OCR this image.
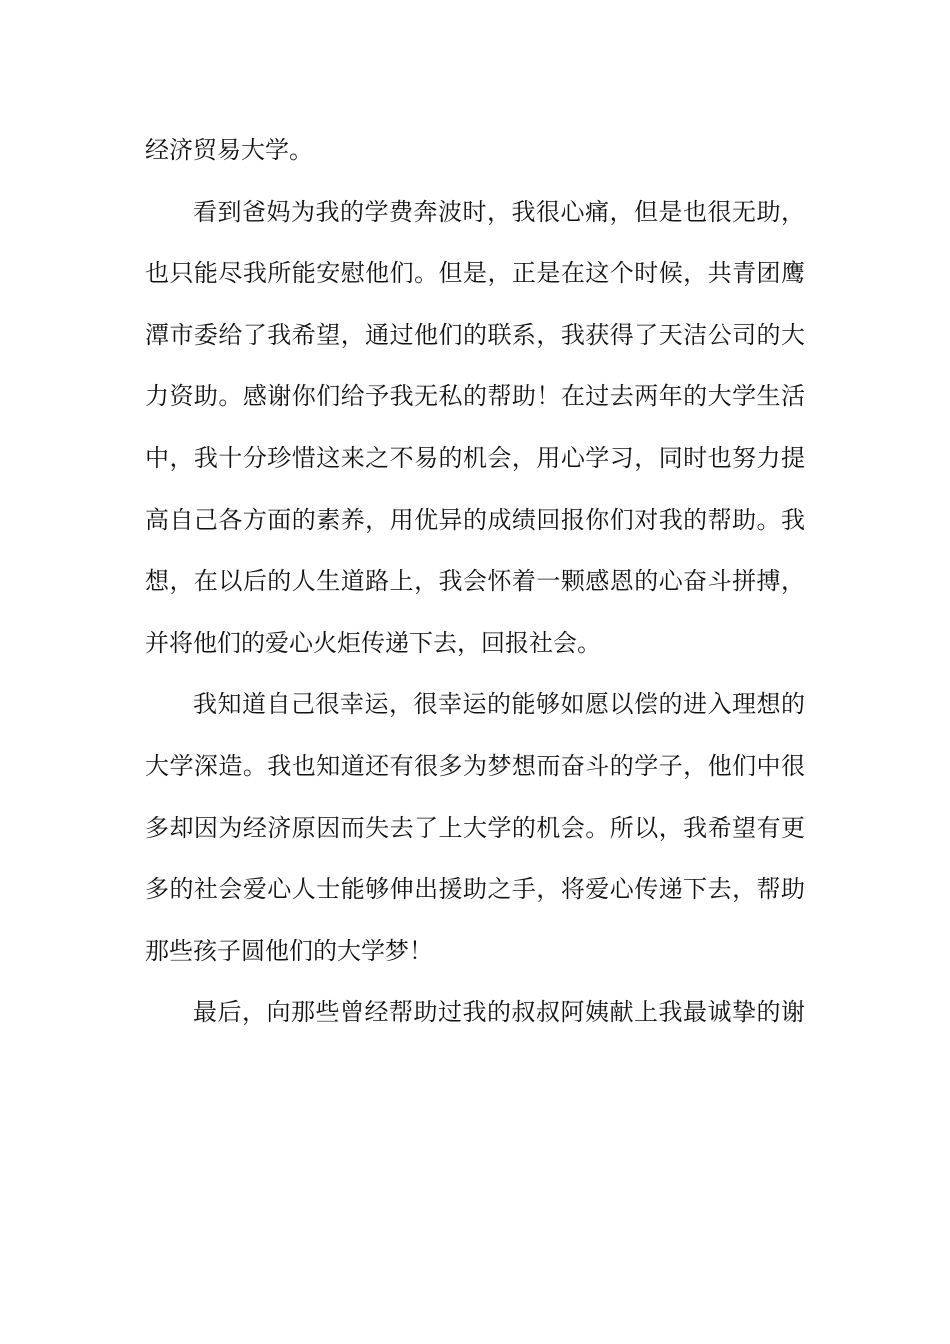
经济贸易大学。
看到爸妈为我的学费奔波时，我很心痛，但是也很无助，
也只能尽我所能安慰他们。但是，正是在这个时候，共青团鹰
潭市委给了我希望，通过他们的联系，我获得了天洁公司的大
力资助。感谢你们给予我无私的帮助！在过去两年的大学生活
中，我十分珍惜这来之不易的机会，用心学习，同时也努力提
高自己各方面的素养，用优异的成绩回报你们对我的帮助。我
想，在以后的人生道路上，我会怀着一颗感恩的心奋斗拼搏，
并将他们的爱心火炬传递下去，回报社会。
我知道自己很幸运，很幸运的能够如愿以偿的进入理想的
大学深造。我也知道还有很多为梦想而奋斗的学子，他们中很
多却因为经济原因而失去了上大学的机会。所以，我希望有更
多的社会爱心人士能够伸出援助之手，将爱心传递下去，帮助
那些孩子圆他们的大学梦！
最后，向那些曾经帮助过我的叔叔阿姨献上我最诚挚的谢
